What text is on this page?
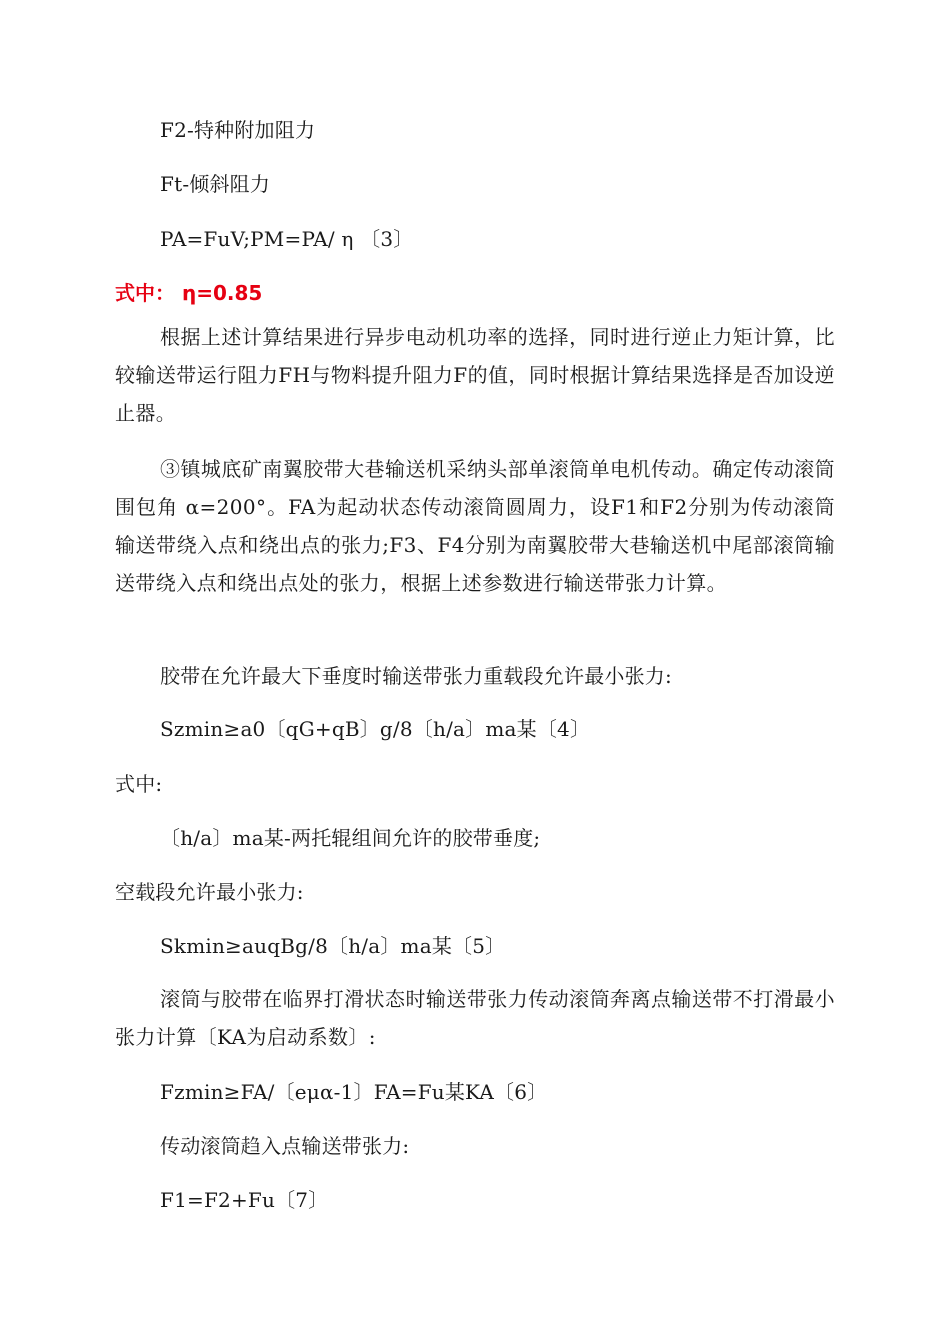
F2-特种附加阻力
Ft-倾斜阻力
PA=FuV;PM=PA/ η 〔3〕
式中： η=0.85
根据上述计算结果进行异步电动机功率的选择，同时进行逆止力矩计算，比较输送带运行阻力FH与物料提升阻力F的值，同时根据计算结果选择是否加设逆止器。
③镇城底矿南翼胶带大巷输送机采纳头部单滚筒单电机传动。确定传动滚筒围包角 α=200°。FA为起动状态传动滚筒圆周力，设F1和F2分别为传动滚筒输送带绕入点和绕出点的张力;F3、F4分别为南翼胶带大巷输送机中尾部滚筒输送带绕入点和绕出点处的张力，根据上述参数进行输送带张力计算。
胶带在允许最大下垂度时输送带张力重载段允许最小张力:
Szmin≥a0〔qG+qB〕g/8〔h/a〕ma某〔4〕
式中:
〔h/a〕ma某-两托辊组间允许的胶带垂度;
空载段允许最小张力:
Skmin≥auqBg/8〔h/a〕ma某〔5〕
滚筒与胶带在临界打滑状态时输送带张力传动滚筒奔离点输送带不打滑最小张力计算〔KA为启动系数〕:
Fzmin≥FA/〔eμα-1〕FA=Fu某KA〔6〕
传动滚筒趋入点输送带张力:
F1=F2+Fu〔7〕
